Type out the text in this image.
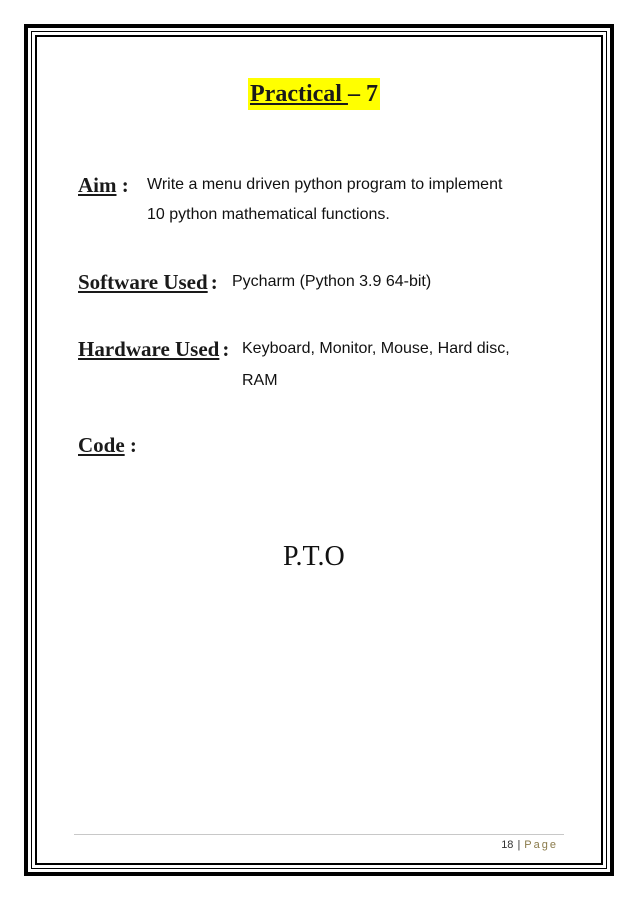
Practical – 7
Aim : Write a menu driven python program to implement
10 python mathematical functions.
Software Used : Pycharm (Python 3.9 64-bit)
Hardware Used : Keyboard, Monitor, Mouse, Hard disc,
RAM
Code :
P.T.O
18 | Page
